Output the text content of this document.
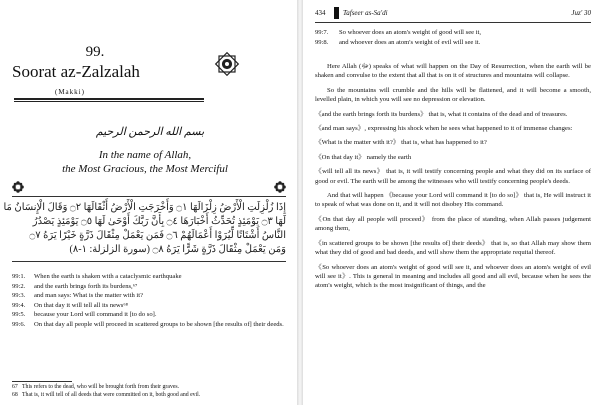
99.
Soorat az-Zalzalah
(Makki)
بسم الله الرحمن الرحيم
In the name of Allah,
the Most Gracious, the Most Merciful
إِذَا زُلْزِلَتِ الْأَرْضُ زِلْزَالَهَا ۝١ وَأَخْرَجَتِ الْأَرْضُ أَثْقَالَهَا ۝٢ وَقَالَ الْإِنسَانُ مَا
لَهَا ۝٣ يَوْمَئِذٍ تُحَدِّثُ أَخْبَارَهَا ۝٤ بِأَنَّ رَبَّكَ أَوْحَىٰ لَهَا ۝٥ يَوْمَئِذٍ يَصْدُرُ
النَّاسُ أَشْتَاتًا لِّيُرَوْا أَعْمَالَهُمْ ۝٦ فَمَن يَعْمَلْ مِثْقَالَ ذَرَّةٍ خَيْرًا يَرَهُ ۝٧
وَمَن يَعْمَلْ مِثْقَالَ ذَرَّةٍ شَرًّا يَرَهُ ۝٨ (سورة الزلزلة: ١-٨)
99:1.	When the earth is shaken with a cataclysmic earthquake
99:2.	and the earth brings forth its burdens,⁶⁷
99:3.	and man says: What is the matter with it?
99:4.	On that day it will tell all its news⁶⁸
99:5.	because your Lord will command it [to do so].
99:6.	On that day all people will proceed in scattered groups to be shown [the results of] their deeds.
67 This refers to the dead, who will be brought forth from their graves.
68 That is, it will tell of all deeds that were committed on it, both good and evil.
434	Tafseer as-Sa'di	Juz' 30
99:7.	So whoever does an atom's weight of good will see it,
99:8.	and whoever does an atom's weight of evil will see it.

Here Allah (ﷻ) speaks of what will happen on the Day of Resurrection, when the earth will be shaken and convulse to the extent that all that is on it of structures and mountains will collapse.

So the mountains will crumble and the hills will be flattened, and it will become a smooth, levelled plain, in which you will see no depression or elevation.

《and the earth brings forth its burdens》 that is, what it contains of the dead and of treasures.

《and man says》, expressing his shock when he sees what happened to it of immense changes:

《What is the matter with it?》 that is, what has happened to it?

《On that day it》 namely the earth

《will tell all its news》 that is, it will testify concerning people and what they did on its surface of good or evil. The earth will be among the witnesses who will testify concerning people's deeds.

And that will happen 《because your Lord will command it [to do so]》 that is, He will instruct it to speak of what was done on it, and it will not disobey His command.

《On that day all people will proceed》 from the place of standing, when Allah passes judgement among them,

《in scattered groups to be shown [the results of] their deeds》 that is, so that Allah may show them what they did of good and bad deeds, and will show them the appropriate requital thereof.

《So whoever does an atom's weight of good will see it, and whoever does an atom's weight of evil will see it》. This is general in meaning and includes all good and all evil, because when he sees the atom's weight, which is the most insignificant of things, and the
